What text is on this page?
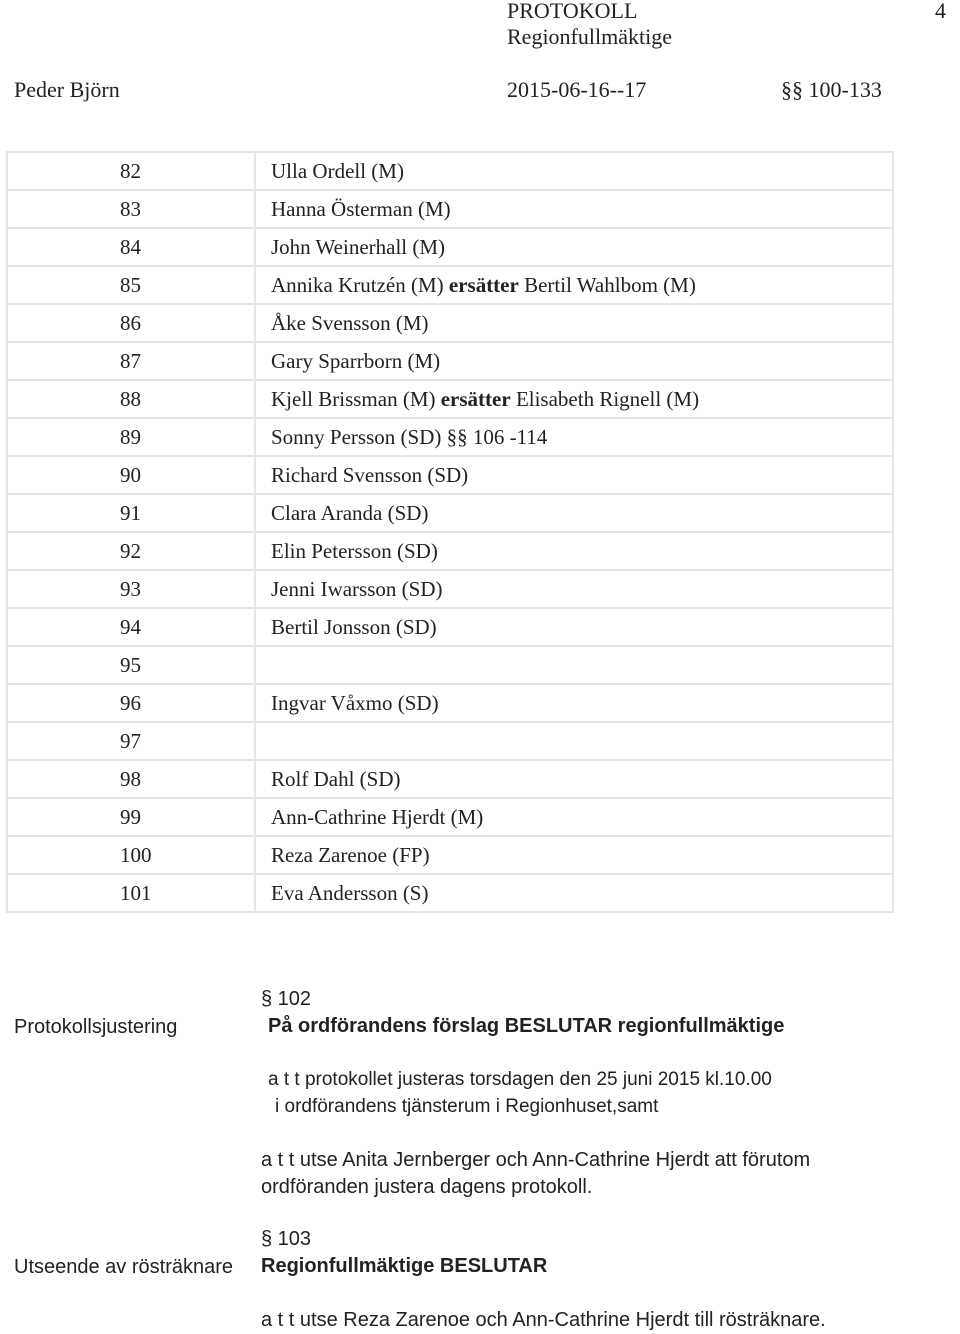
PROTOKOLL
Regionfullmäktige
4
Peder Björn	2015-06-16--17	§§ 100-133
82	Ulla Ordell (M)
83	Hanna Österman (M)
84	John Weinerhall (M)
85	Annika Krutzén (M) ersätter Bertil Wahlbom (M)
86	Åke Svensson (M)
87	Gary Sparrborn (M)
88	Kjell Brissman (M) ersätter Elisabeth Rignell (M)
89	Sonny Persson (SD) §§ 106 -114
90	Richard Svensson (SD)
91	Clara Aranda (SD)
92	Elin Petersson (SD)
93	Jenni Iwarsson (SD)
94	Bertil Jonsson (SD)
95	
96	Ingvar Våxmo (SD)
97	
98	Rolf Dahl (SD)
99	Ann-Cathrine Hjerdt (M)
100	Reza Zarenoe (FP)
101	Eva Andersson (S)
Protokollsjustering
§ 102
På ordförandens förslag BESLUTAR regionfullmäktige
a t t protokollet justeras torsdagen den 25 juni 2015 kl.10.00
i ordförandens tjänsterum i Regionhuset,samt
a t t utse Anita Jernberger och Ann-Cathrine Hjerdt att förutom
ordföranden justera dagens protokoll.
Utseende av rösträknare
§ 103
Regionfullmäktige BESLUTAR
a t t utse Reza Zarenoe och Ann-Cathrine Hjerdt till rösträknare.
